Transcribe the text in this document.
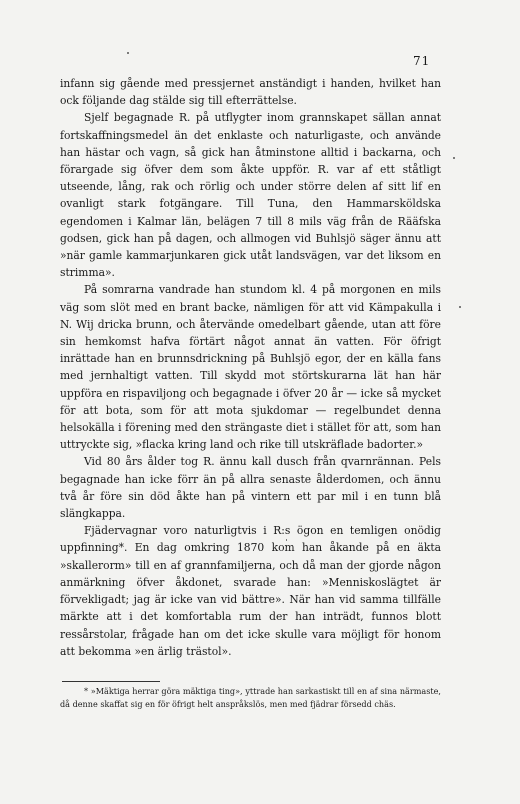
71

infann sig gående med pressjernet anständigt i handen, hvilket han ock följande dag stälde sig till efterrättelse.

Sjelf begagnade R. på utflygter inom grannskapet sällan annat fortskaffningsmedel än det enklaste och naturligaste, och använde han hästar och vagn, så gick han åtminstone alltid i backarna, och förargade sig öfver dem som åkte uppför. R. var af ett ståtligt utseende, lång, rak och rörlig och under större delen af sitt lif en ovanligt stark fotgängare. Till Tuna, den Hammarsköldska egendomen i Kalmar län, belägen 7 till 8 mils väg från de Rääfska godsen, gick han på dagen, och allmogen vid Buhlsjö säger ännu att »när gamle kammarjunkaren gick utåt landsvägen, var det liksom en strimma».

På somrarna vandrade han stundom kl. 4 på morgonen en mils väg som slöt med en brant backe, nämligen för att vid Kämpakulla i N. Wij dricka brunn, och återvände omedelbart gående, utan att före sin hemkomst hafva förtärt något annat än vatten. För öfrigt inrättade han en brunnsdrickning på Buhlsjö egor, der en källa fans med jernhaltigt vatten. Till skydd mot störtskurarna lät han här uppföra en rispaviljong och begagnade i öfver 20 år — icke så mycket för att bota, som för att mota sjukdomar — regelbundet denna helsokälla i förening med den strängaste diet i stället för att, som han uttryckte sig, »flacka kring land och rike till utskräflade badorter.»

Vid 80 års ålder tog R. ännu kall dusch från qvarnrännan. Pels begagnade han icke förr än på allra senaste ålderdomen, och ännu två år före sin död åkte han på vintern ett par mil i en tunn blå slängkappa.

Fjädervagnar voro naturligtvis i R:s ögon en temligen onödig uppfinning*. En dag omkring 1870 kom han åkande på en äkta »skallerorm» till en af grannfamiljerna, och då man der gjorde någon anmärkning öfver åkdonet, svarade han: »Menniskoslägtet är förvekligadt; jag är icke van vid bättre». När han vid samma tillfälle märkte att i det komfortabla rum der han inträdt, funnos blott ressårstolar, frågade han om det icke skulle vara möjligt för honom att bekomma »en ärlig trästol».

* »Mäktiga herrar göra mäktiga ting», yttrade han sarkastiskt till en af sina närmaste, då denne skaffat sig en för öfrigt helt anspråkslös, men med fjädrar försedd chäs.
